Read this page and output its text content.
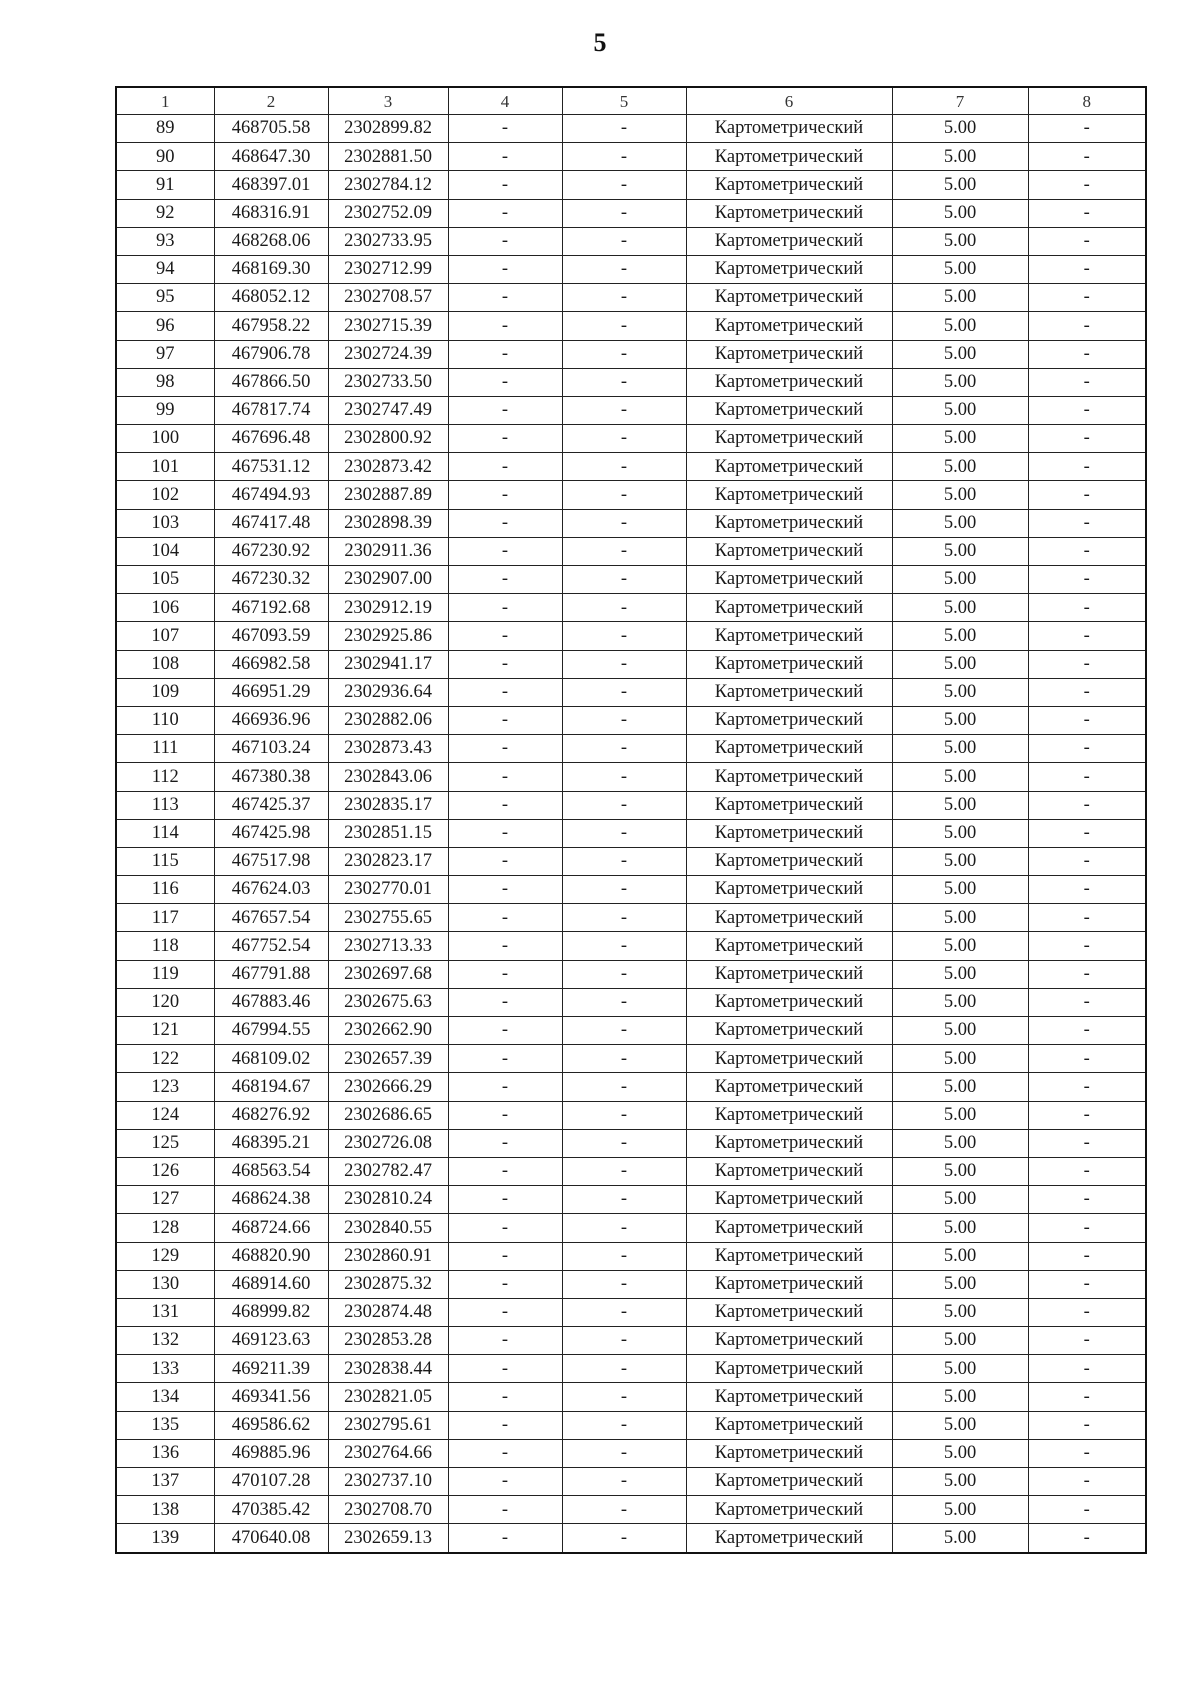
5
1	2	3	4	5	6	7	8
89	468705.58	2302899.82	-	-	Картометрический	5.00	-
90	468647.30	2302881.50	-	-	Картометрический	5.00	-
91	468397.01	2302784.12	-	-	Картометрический	5.00	-
92	468316.91	2302752.09	-	-	Картометрический	5.00	-
93	468268.06	2302733.95	-	-	Картометрический	5.00	-
94	468169.30	2302712.99	-	-	Картометрический	5.00	-
95	468052.12	2302708.57	-	-	Картометрический	5.00	-
96	467958.22	2302715.39	-	-	Картометрический	5.00	-
97	467906.78	2302724.39	-	-	Картометрический	5.00	-
98	467866.50	2302733.50	-	-	Картометрический	5.00	-
99	467817.74	2302747.49	-	-	Картометрический	5.00	-
100	467696.48	2302800.92	-	-	Картометрический	5.00	-
101	467531.12	2302873.42	-	-	Картометрический	5.00	-
102	467494.93	2302887.89	-	-	Картометрический	5.00	-
103	467417.48	2302898.39	-	-	Картометрический	5.00	-
104	467230.92	2302911.36	-	-	Картометрический	5.00	-
105	467230.32	2302907.00	-	-	Картометрический	5.00	-
106	467192.68	2302912.19	-	-	Картометрический	5.00	-
107	467093.59	2302925.86	-	-	Картометрический	5.00	-
108	466982.58	2302941.17	-	-	Картометрический	5.00	-
109	466951.29	2302936.64	-	-	Картометрический	5.00	-
110	466936.96	2302882.06	-	-	Картометрический	5.00	-
111	467103.24	2302873.43	-	-	Картометрический	5.00	-
112	467380.38	2302843.06	-	-	Картометрический	5.00	-
113	467425.37	2302835.17	-	-	Картометрический	5.00	-
114	467425.98	2302851.15	-	-	Картометрический	5.00	-
115	467517.98	2302823.17	-	-	Картометрический	5.00	-
116	467624.03	2302770.01	-	-	Картометрический	5.00	-
117	467657.54	2302755.65	-	-	Картометрический	5.00	-
118	467752.54	2302713.33	-	-	Картометрический	5.00	-
119	467791.88	2302697.68	-	-	Картометрический	5.00	-
120	467883.46	2302675.63	-	-	Картометрический	5.00	-
121	467994.55	2302662.90	-	-	Картометрический	5.00	-
122	468109.02	2302657.39	-	-	Картометрический	5.00	-
123	468194.67	2302666.29	-	-	Картометрический	5.00	-
124	468276.92	2302686.65	-	-	Картометрический	5.00	-
125	468395.21	2302726.08	-	-	Картометрический	5.00	-
126	468563.54	2302782.47	-	-	Картометрический	5.00	-
127	468624.38	2302810.24	-	-	Картометрический	5.00	-
128	468724.66	2302840.55	-	-	Картометрический	5.00	-
129	468820.90	2302860.91	-	-	Картометрический	5.00	-
130	468914.60	2302875.32	-	-	Картометрический	5.00	-
131	468999.82	2302874.48	-	-	Картометрический	5.00	-
132	469123.63	2302853.28	-	-	Картометрический	5.00	-
133	469211.39	2302838.44	-	-	Картометрический	5.00	-
134	469341.56	2302821.05	-	-	Картометрический	5.00	-
135	469586.62	2302795.61	-	-	Картометрический	5.00	-
136	469885.96	2302764.66	-	-	Картометрический	5.00	-
137	470107.28	2302737.10	-	-	Картометрический	5.00	-
138	470385.42	2302708.70	-	-	Картометрический	5.00	-
139	470640.08	2302659.13	-	-	Картометрический	5.00	-
